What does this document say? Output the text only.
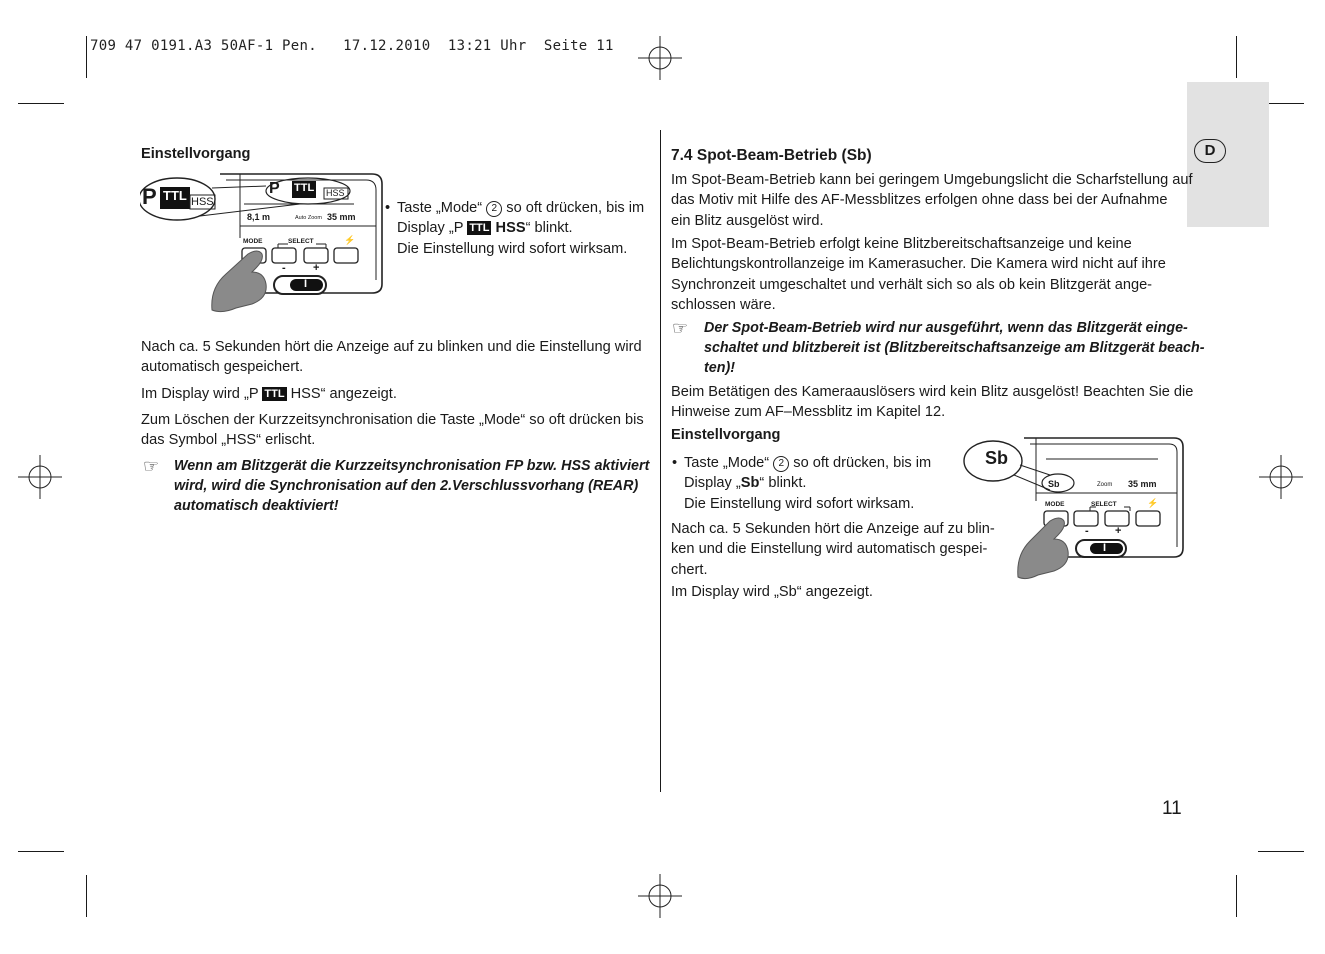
709 47 0191.A3 50AF-1 Pen.   17.12.2010  13:21 Uhr  Seite 11
D
Einstellvorgang
P TTL HSS
P TTL HSS
8,1 m	Auto Zoom 35 mm
MODE	SELECT	⚡
- +
I
• Taste „Mode“ 2 so oft drücken, bis im
Display „P TTL HSS“ blinkt.
Die Einstellung wird sofort wirksam.
Nach ca. 5 Sekunden hört die Anzeige auf zu blinken und die Einstellung wird
automatisch gespeichert.
Im Display wird „P TTL HSS“ angezeigt.
Zum Löschen der Kurzzeitsynchronisation die Taste „Mode“ so oft drücken bis
das Symbol „HSS“ erlischt.
☞ Wenn am Blitzgerät die Kurzzeitsynchronisation FP bzw. HSS aktiviert
wird, wird die Synchronisation auf den 2.Verschlussvorhang (REAR)
automatisch deaktiviert!
7.4 Spot-Beam-Betrieb (Sb)
Im Spot-Beam-Betrieb kann bei geringem Umgebungslicht die Scharfstellung auf
das Motiv mit Hilfe des AF-Messblitzes erfolgen ohne dass bei der Aufnahme
ein Blitz ausgelöst wird.
Im Spot-Beam-Betrieb erfolgt keine Blitzbereitschaftsanzeige und keine
Belichtungskontrollanzeige im Kamerasucher. Die Kamera wird nicht auf ihre
Synchronzeit umgeschaltet und verhält sich so als ob kein Blitzgerät ange-
schlossen wäre.
☞ Der Spot-Beam-Betrieb wird nur ausgeführt, wenn das Blitzgerät einge-
schaltet und blitzbereit ist (Blitzbereitschaftsanzeige am Blitzgerät beach-
ten)!
Beim Betätigen des Kameraauslösers wird kein Blitz ausgelöst! Beachten Sie die
Hinweise zum AF–Messblitz im Kapitel 12.
Einstellvorgang
• Taste „Mode“ 2 so oft drücken, bis im
Display „Sb“ blinkt.
Die Einstellung wird sofort wirksam.
Nach ca. 5 Sekunden hört die Anzeige auf zu blin-
ken und die Einstellung wird automatisch gespei-
chert.
Im Display wird „Sb“ angezeigt.
Sb
Sb	Zoom 35 mm
MODE	SELECT	⚡
- +
I
11
